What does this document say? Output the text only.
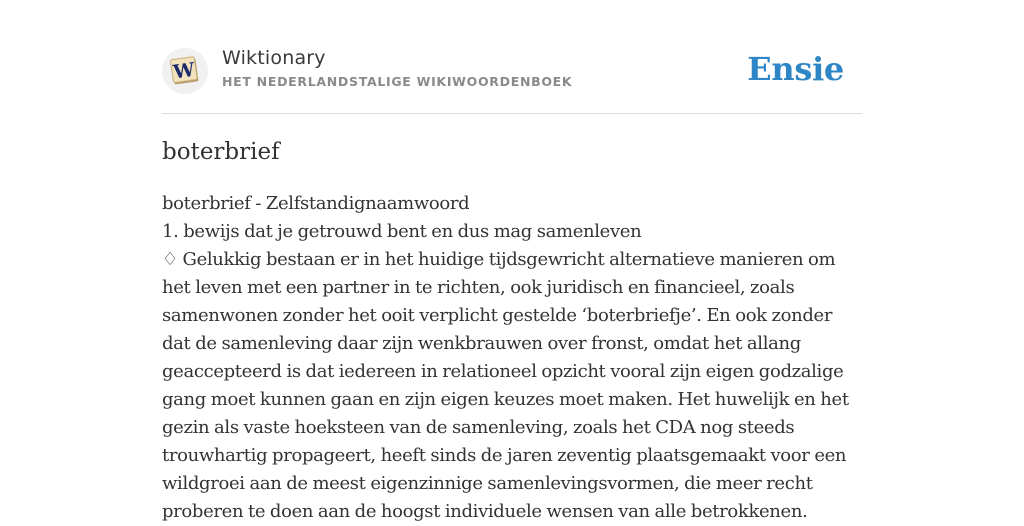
W
Wiktionary
HET NEDERLANDSTALIGE WIKIWOORDENBOEK	Ensie
boterbrief

boterbrief - Zelfstandignaamwoord

1. bewijs dat je getrouwd bent en dus mag samenleven

♢ Gelukkig bestaan er in het huidige tijdsgewricht alternatieve manieren om het leven met een partner in te richten, ook juridisch en financieel, zoals samenwonen zonder het ooit verplicht gestelde ‘boterbriefje’. En ook zonder dat de samenleving daar zijn wenkbrauwen over fronst, omdat het allang geaccepteerd is dat iedereen in relationeel opzicht vooral zijn eigen godzalige gang moet kunnen gaan en zijn eigen keuzes moet maken. Het huwelijk en het gezin als vaste hoeksteen van de samenleving, zoals het CDA nog steeds trouwhartig propageert, heeft sinds de jaren zeventig plaatsgemaakt voor een wildgroei aan de meest eigenzinnige samenlevingsvormen, die meer recht proberen te doen aan de hoogst individuele wensen van alle betrokkenen.
